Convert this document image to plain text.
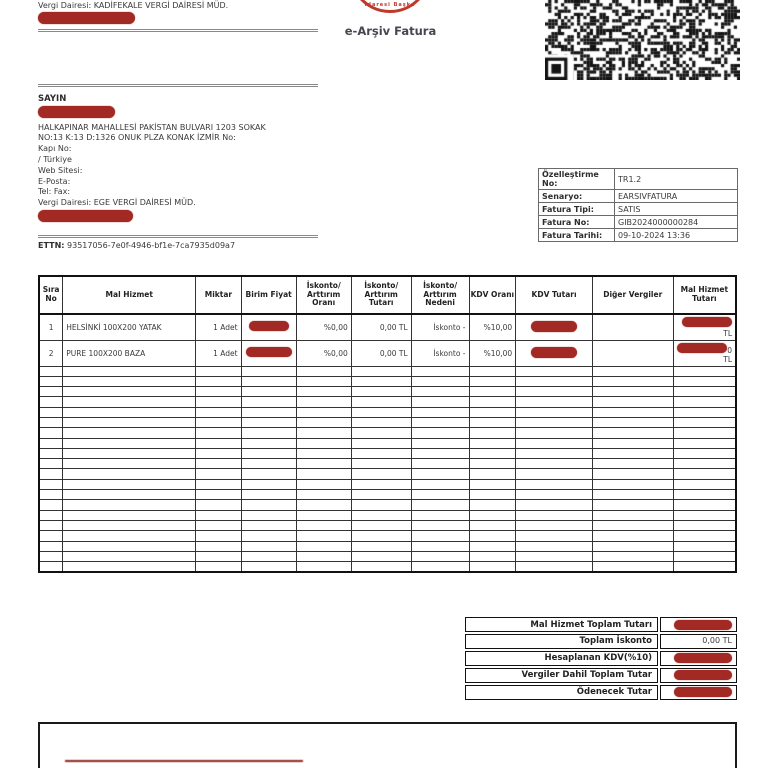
Vergi Dairesi: KADİFEKALE VERGİ DAİRESİ MÜD.	İdaresi Başka
e-Arşiv Fatura

SAYIN

HALKAPINAR MAHALLESİ PAKİSTAN BULVARI 1203 SOKAK

NO:13 K:13 D:1326 ONUK PLZA KONAK İZMİR No:

Kapı No:

/ Türkiye

Web Sitesi:

E-Posta:

Tel: Fax:

Vergi Dairesi: EGE VERGİ DAİRESİ MÜD.

Özelleştirme No:	TR1.2
Senaryo:	EARSIVFATURA
Fatura Tipi:	SATIS
Fatura No:	GIB2024000000284
Fatura Tarihi:	09-10-2024 13:36
ETTN: 93517056-7e0f-4946-bf1e-7ca7935d09a7
Sıra No	Mal Hizmet	Miktar	Birim Fiyat	İskonto/ Arttırım Oranı	İskonto/ Arttırım Tutarı	İskonto/ Arttırım Nedeni	KDV Oranı	KDV Tutarı	Diğer Vergiler	Mal Hizmet Tutarı
1	HELSİNKİ 100X200 YATAK	1 Adet		%0,00	0,00 TL	İskonto -	%10,00			TL

2	PURE 100X200 BAZA	1 Adet		%0,00	0,00 TL	İskonto -	%10,00			0
TL

Mal Hizmet Toplam Tutarı
Toplam İskonto	0,00 TL
Hesaplanan KDV(%10)
Vergiler Dahil Toplam Tutar
Ödenecek Tutar
